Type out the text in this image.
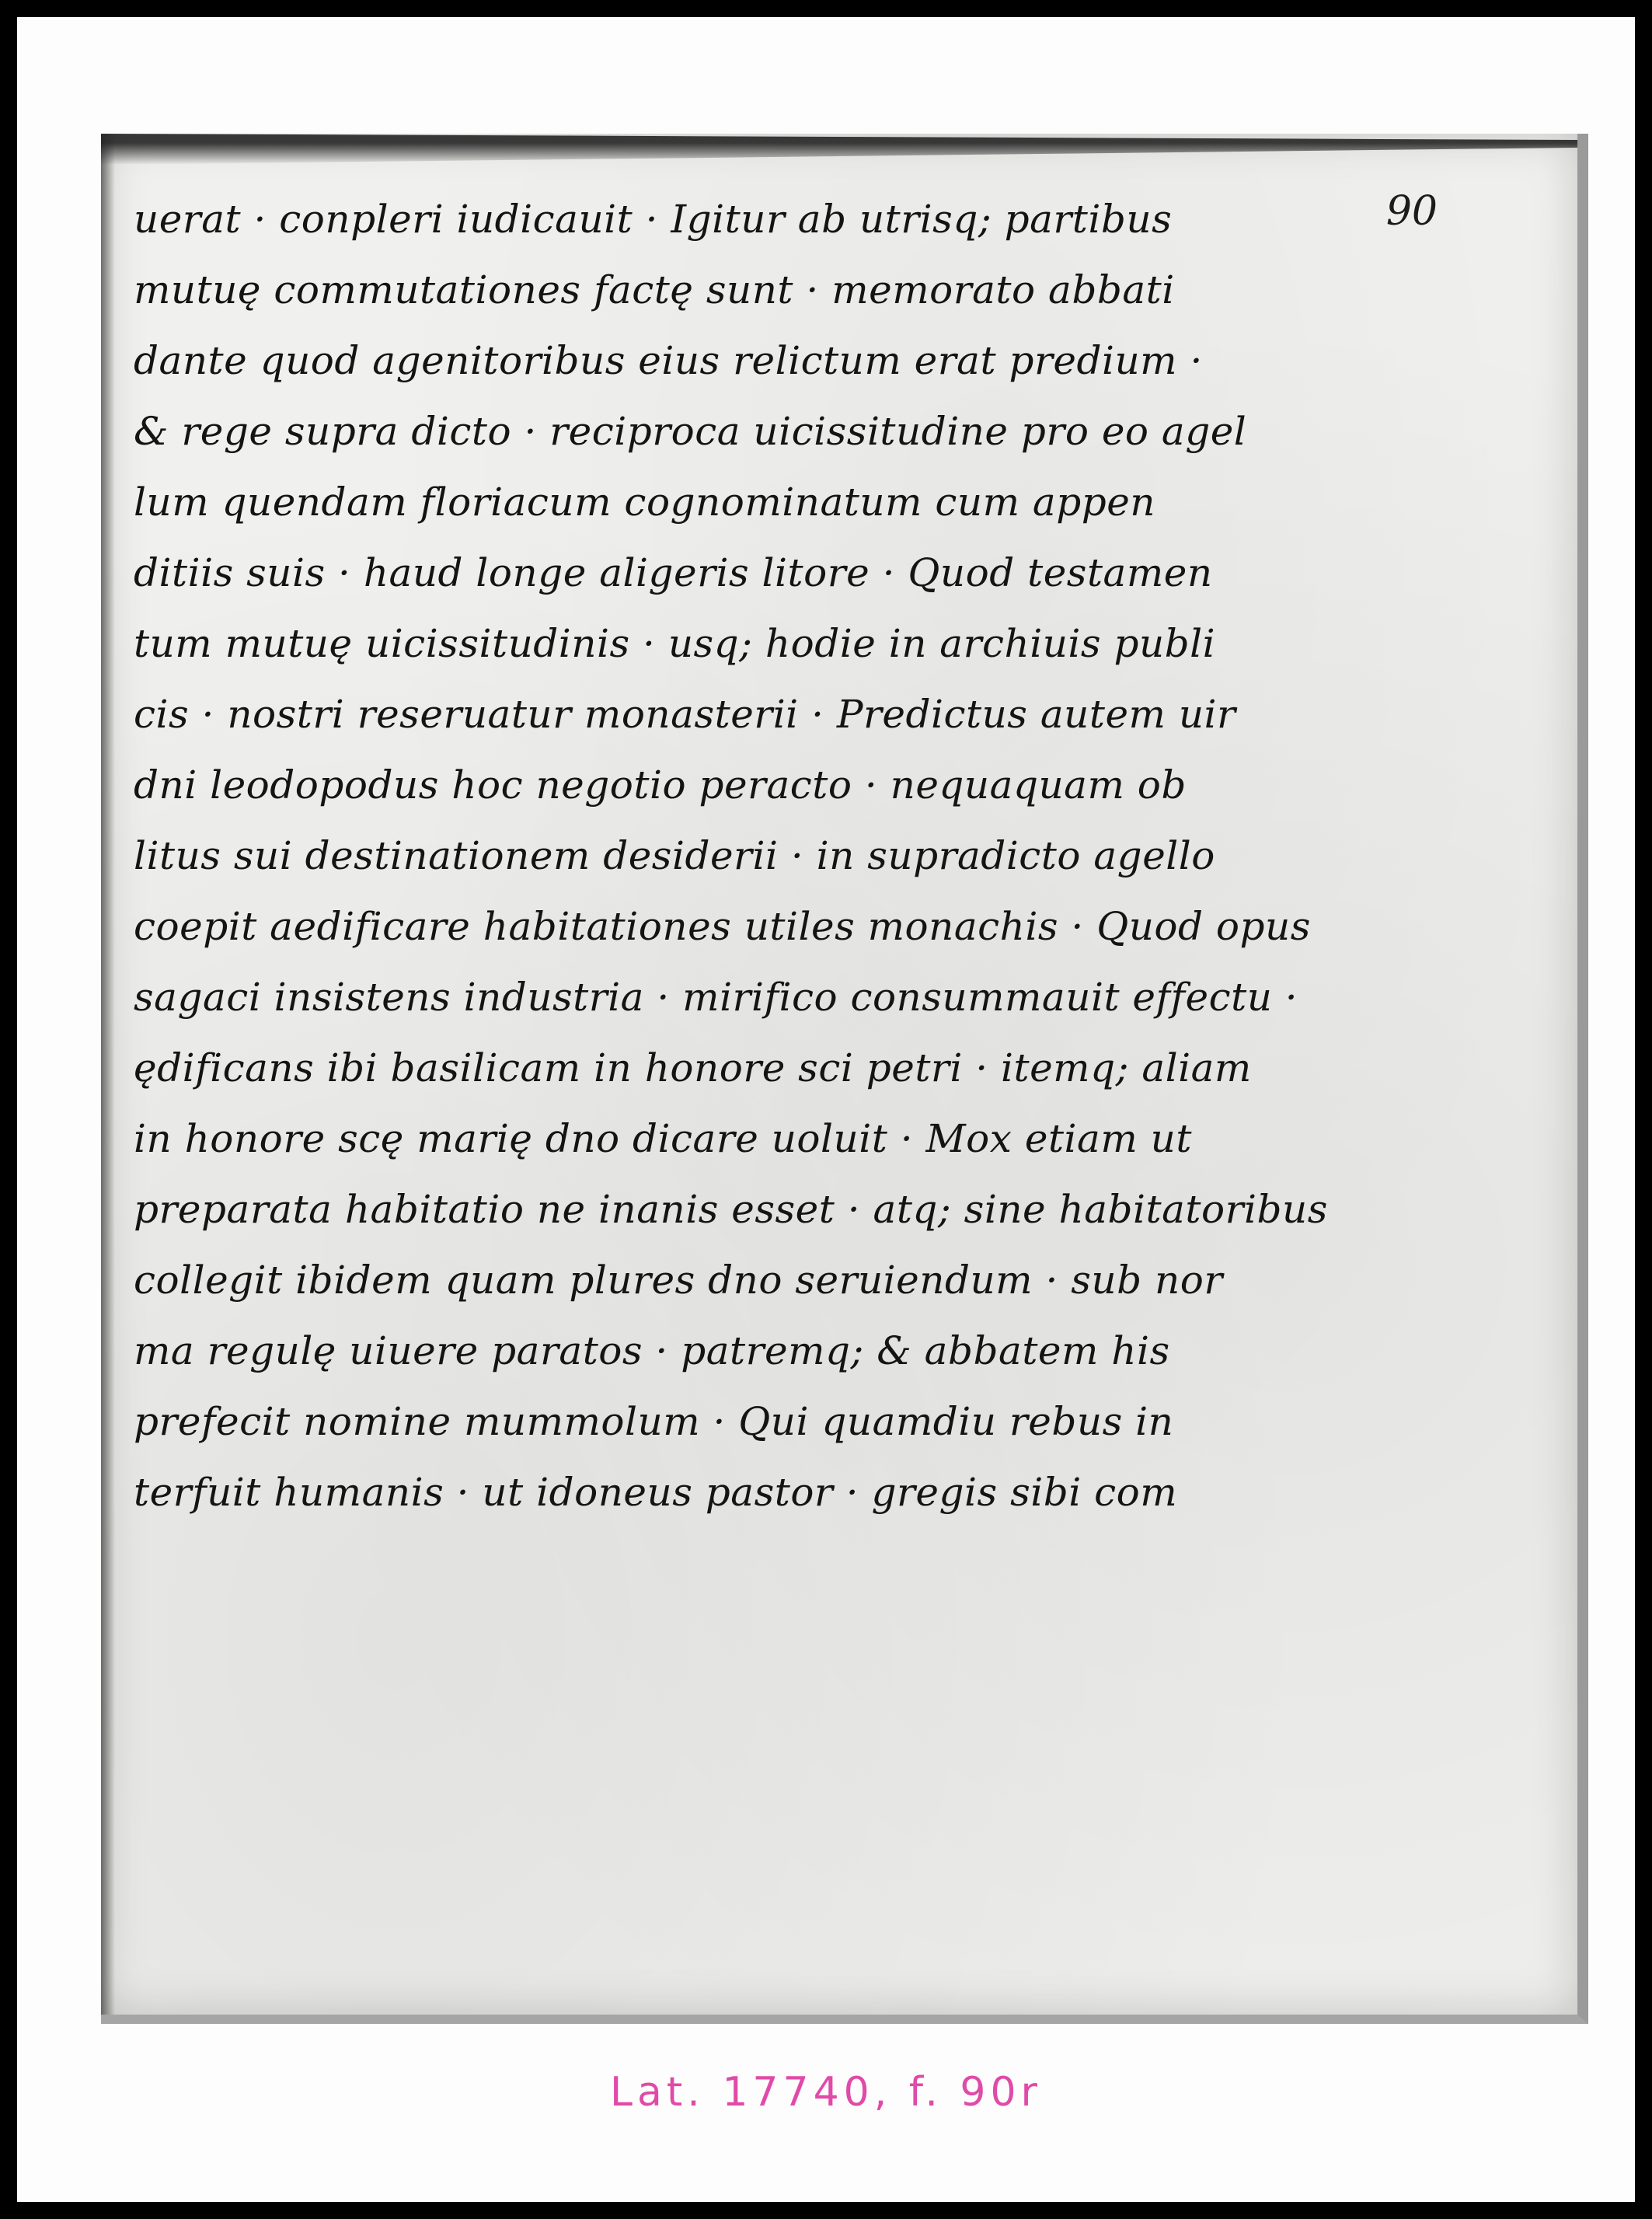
90
uerat · conpleri iudicauit · Igitur ab utrisq; partibus
mutuę commutationes factę sunt · memorato abbati
dante quod agenitoribus eius relictum erat predium ·
& rege supra dicto · reciproca uicissitudine pro eo agel
lum quendam floriacum cognominatum cum appen
ditiis suis · haud longe aligeris litore · Quod testamen
tum mutuę uicissitudinis · usq; hodie in archiuis publi
cis · nostri reseruatur monasterii · Predictus autem uir
dni leodopodus hoc negotio peracto · nequaquam ob
litus sui destinationem desiderii · in supradicto agello
coepit aedificare habitationes utiles monachis · Quod opus
sagaci insistens industria · mirifico consummauit effectu ·
ędificans ibi basilicam in honore sci petri · itemq; aliam
in honore scę marię dno dicare uoluit · Mox etiam ut
preparata habitatio ne inanis esset · atq; sine habitatoribus
collegit ibidem quam plures dno seruiendum · sub nor
ma regulę uiuere paratos · patremq; & abbatem his
prefecit nomine mummolum · Qui quamdiu rebus in
terfuit humanis · ut idoneus pastor · gregis sibi com
Lat. 17740, f. 90r
